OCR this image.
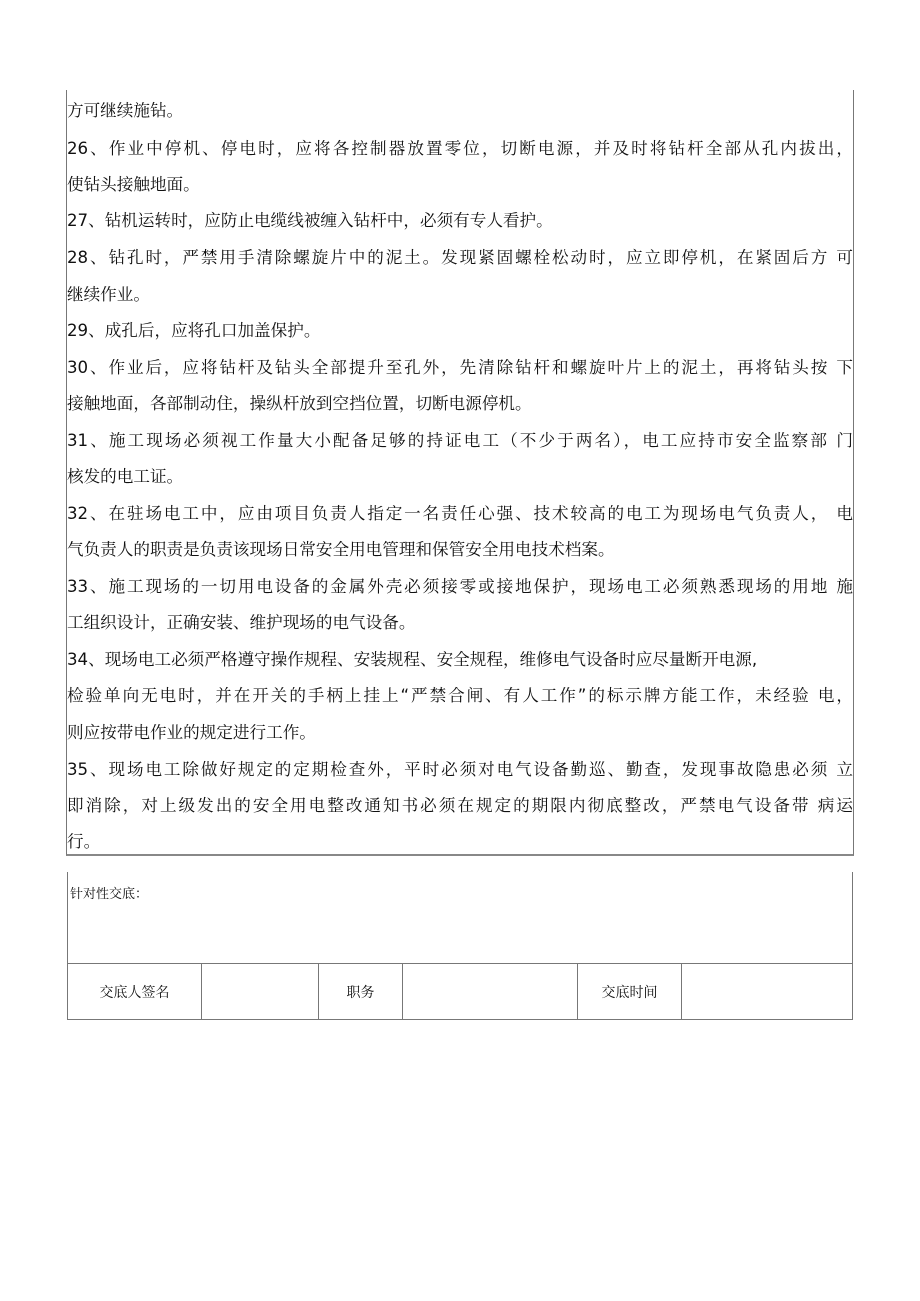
方可继续施钻。
26、作业中停机、停电时，应将各控制器放置零位，切断电源，并及时将钻杆全部从孔内拔出，
使钻头接触地面。
27、钻机运转时，应防止电缆线被缠入钻杆中，必须有专人看护。
28、钻孔时，严禁用手清除螺旋片中的泥土。发现紧固螺栓松动时，应立即停机，在紧固后方 可
继续作业。
29、成孔后，应将孔口加盖保护。
30、作业后，应将钻杆及钻头全部提升至孔外，先清除钻杆和螺旋叶片上的泥土，再将钻头按 下
接触地面，各部制动住，操纵杆放到空挡位置，切断电源停机。
31、施工现场必须视工作量大小配备足够的持证电工（不少于两名），电工应持市安全监察部 门
核发的电工证。
32、在驻场电工中，应由项目负责人指定一名责任心强、技术较高的电工为现场电气负责人， 电
气负责人的职责是负责该现场日常安全用电管理和保管安全用电技术档案。
33、施工现场的一切用电设备的金属外壳必须接零或接地保护，现场电工必须熟悉现场的用地 施
工组织设计，正确安装、维护现场的电气设备。
34、现场电工必须严格遵守操作规程、安装规程、安全规程，维修电气设备时应尽量断开电源,
检验单向无电时，并在开关的手柄上挂上“严禁合闸、有人工作”的标示牌方能工作，未经验 电，
则应按带电作业的规定进行工作。
35、现场电工除做好规定的定期检查外，平时必须对电气设备勤巡、勤查，发现事故隐患必须 立
即消除，对上级发出的安全用电整改通知书必须在规定的期限内彻底整改，严禁电气设备带 病运
行。
针对性交底：
交底人签名		职务		交底时间	
